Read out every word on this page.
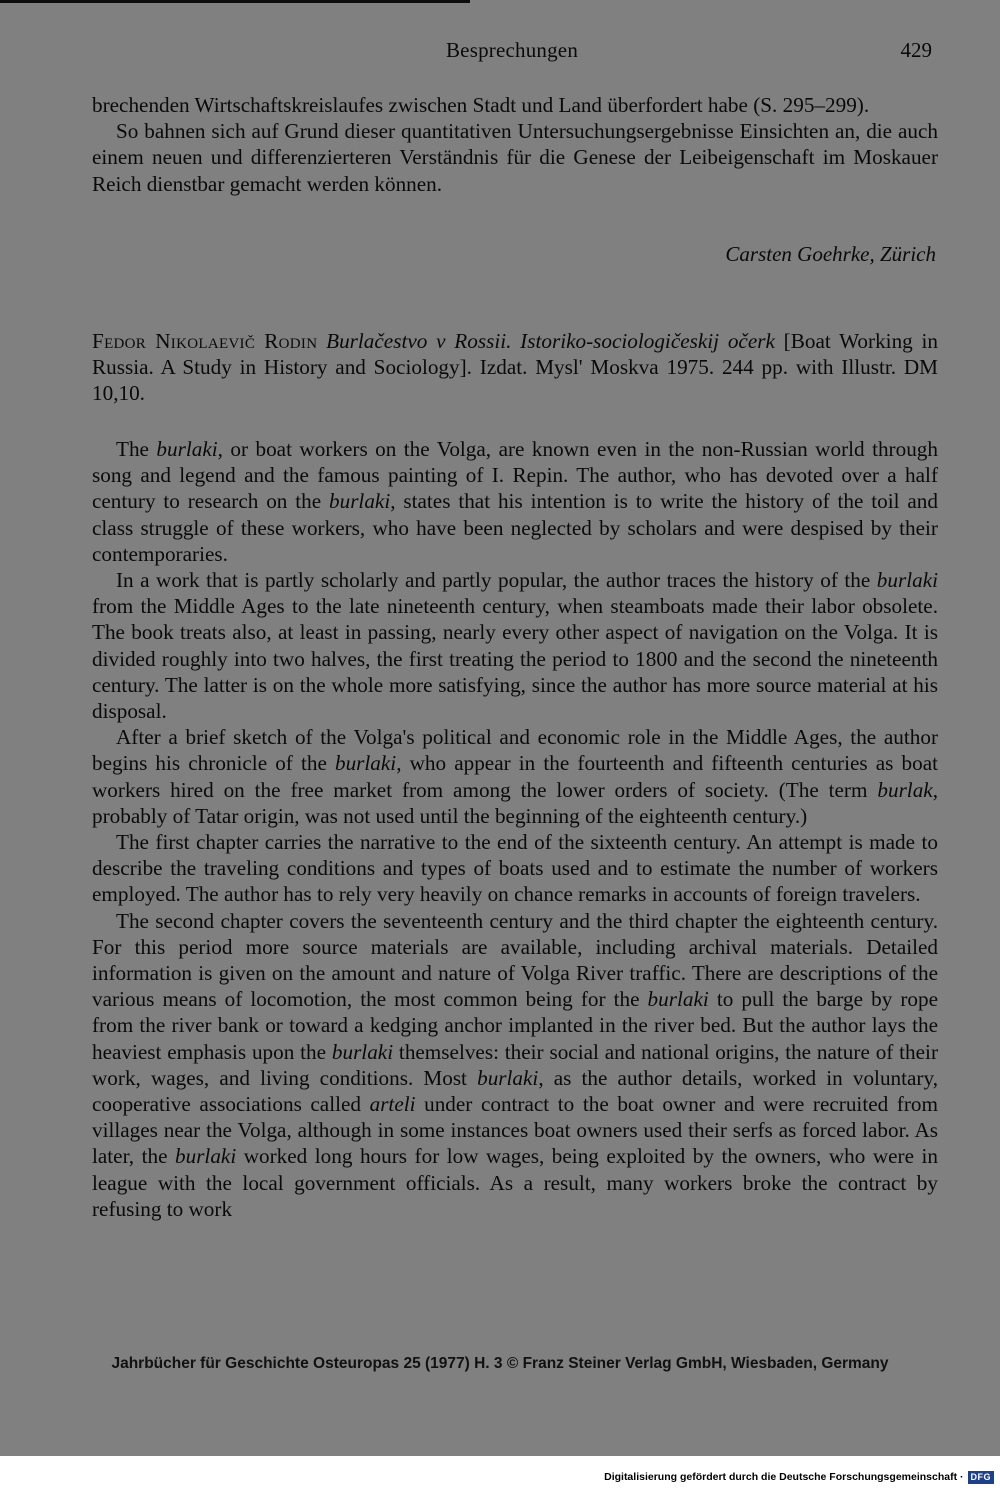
Besprechungen	429

brechenden Wirtschaftskreislaufes zwischen Stadt und Land überfordert habe (S. 295–299).

So bahnen sich auf Grund dieser quantitativen Untersuchungsergebnisse Einsichten an, die auch einem neuen und differenzierteren Verständnis für die Genese der Leibeigenschaft im Moskauer Reich dienstbar gemacht werden können.

Carsten Goehrke, Zürich

Fedor Nikolaevič Rodin Burlačestvo v Rossii. Istoriko-sociologičeskij očerk [Boat Working in Russia. A Study in History and Sociology]. Izdat. Mysl' Moskva 1975. 244 pp. with Illustr. DM 10,10.

The burlaki, or boat workers on the Volga, are known even in the non-Russian world through song and legend and the famous painting of I. Repin. The author, who has devoted over a half century to research on the burlaki, states that his intention is to write the history of the toil and class struggle of these workers, who have been neglected by scholars and were despised by their contemporaries.

In a work that is partly scholarly and partly popular, the author traces the history of the burlaki from the Middle Ages to the late nineteenth century, when steamboats made their labor obsolete. The book treats also, at least in passing, nearly every other aspect of navigation on the Volga. It is divided roughly into two halves, the first treating the period to 1800 and the second the nineteenth century. The latter is on the whole more satisfying, since the author has more source material at his disposal.

After a brief sketch of the Volga's political and economic role in the Middle Ages, the author begins his chronicle of the burlaki, who appear in the fourteenth and fifteenth centuries as boat workers hired on the free market from among the lower orders of society. (The term burlak, probably of Tatar origin, was not used until the beginning of the eighteenth century.)

The first chapter carries the narrative to the end of the sixteenth century. An attempt is made to describe the traveling conditions and types of boats used and to estimate the number of workers employed. The author has to rely very heavily on chance remarks in accounts of foreign travelers.

The second chapter covers the seventeenth century and the third chapter the eighteenth century. For this period more source materials are available, including archival materials. Detailed information is given on the amount and nature of Volga River traffic. There are descriptions of the various means of locomotion, the most common being for the burlaki to pull the barge by rope from the river bank or toward a kedging anchor implanted in the river bed. But the author lays the heaviest emphasis upon the burlaki themselves: their social and national origins, the nature of their work, wages, and living conditions. Most burlaki, as the author details, worked in voluntary, cooperative associations called arteli under contract to the boat owner and were recruited from villages near the Volga, although in some instances boat owners used their serfs as forced labor. As later, the burlaki worked long hours for low wages, being exploited by the owners, who were in league with the local government officials. As a result, many workers broke the contract by refusing to work

Jahrbücher für Geschichte Osteuropas 25 (1977) H. 3 © Franz Steiner Verlag GmbH, Wiesbaden, Germany
Digitalisierung gefördert durch die Deutsche Forschungsgemeinschaft · DFG
